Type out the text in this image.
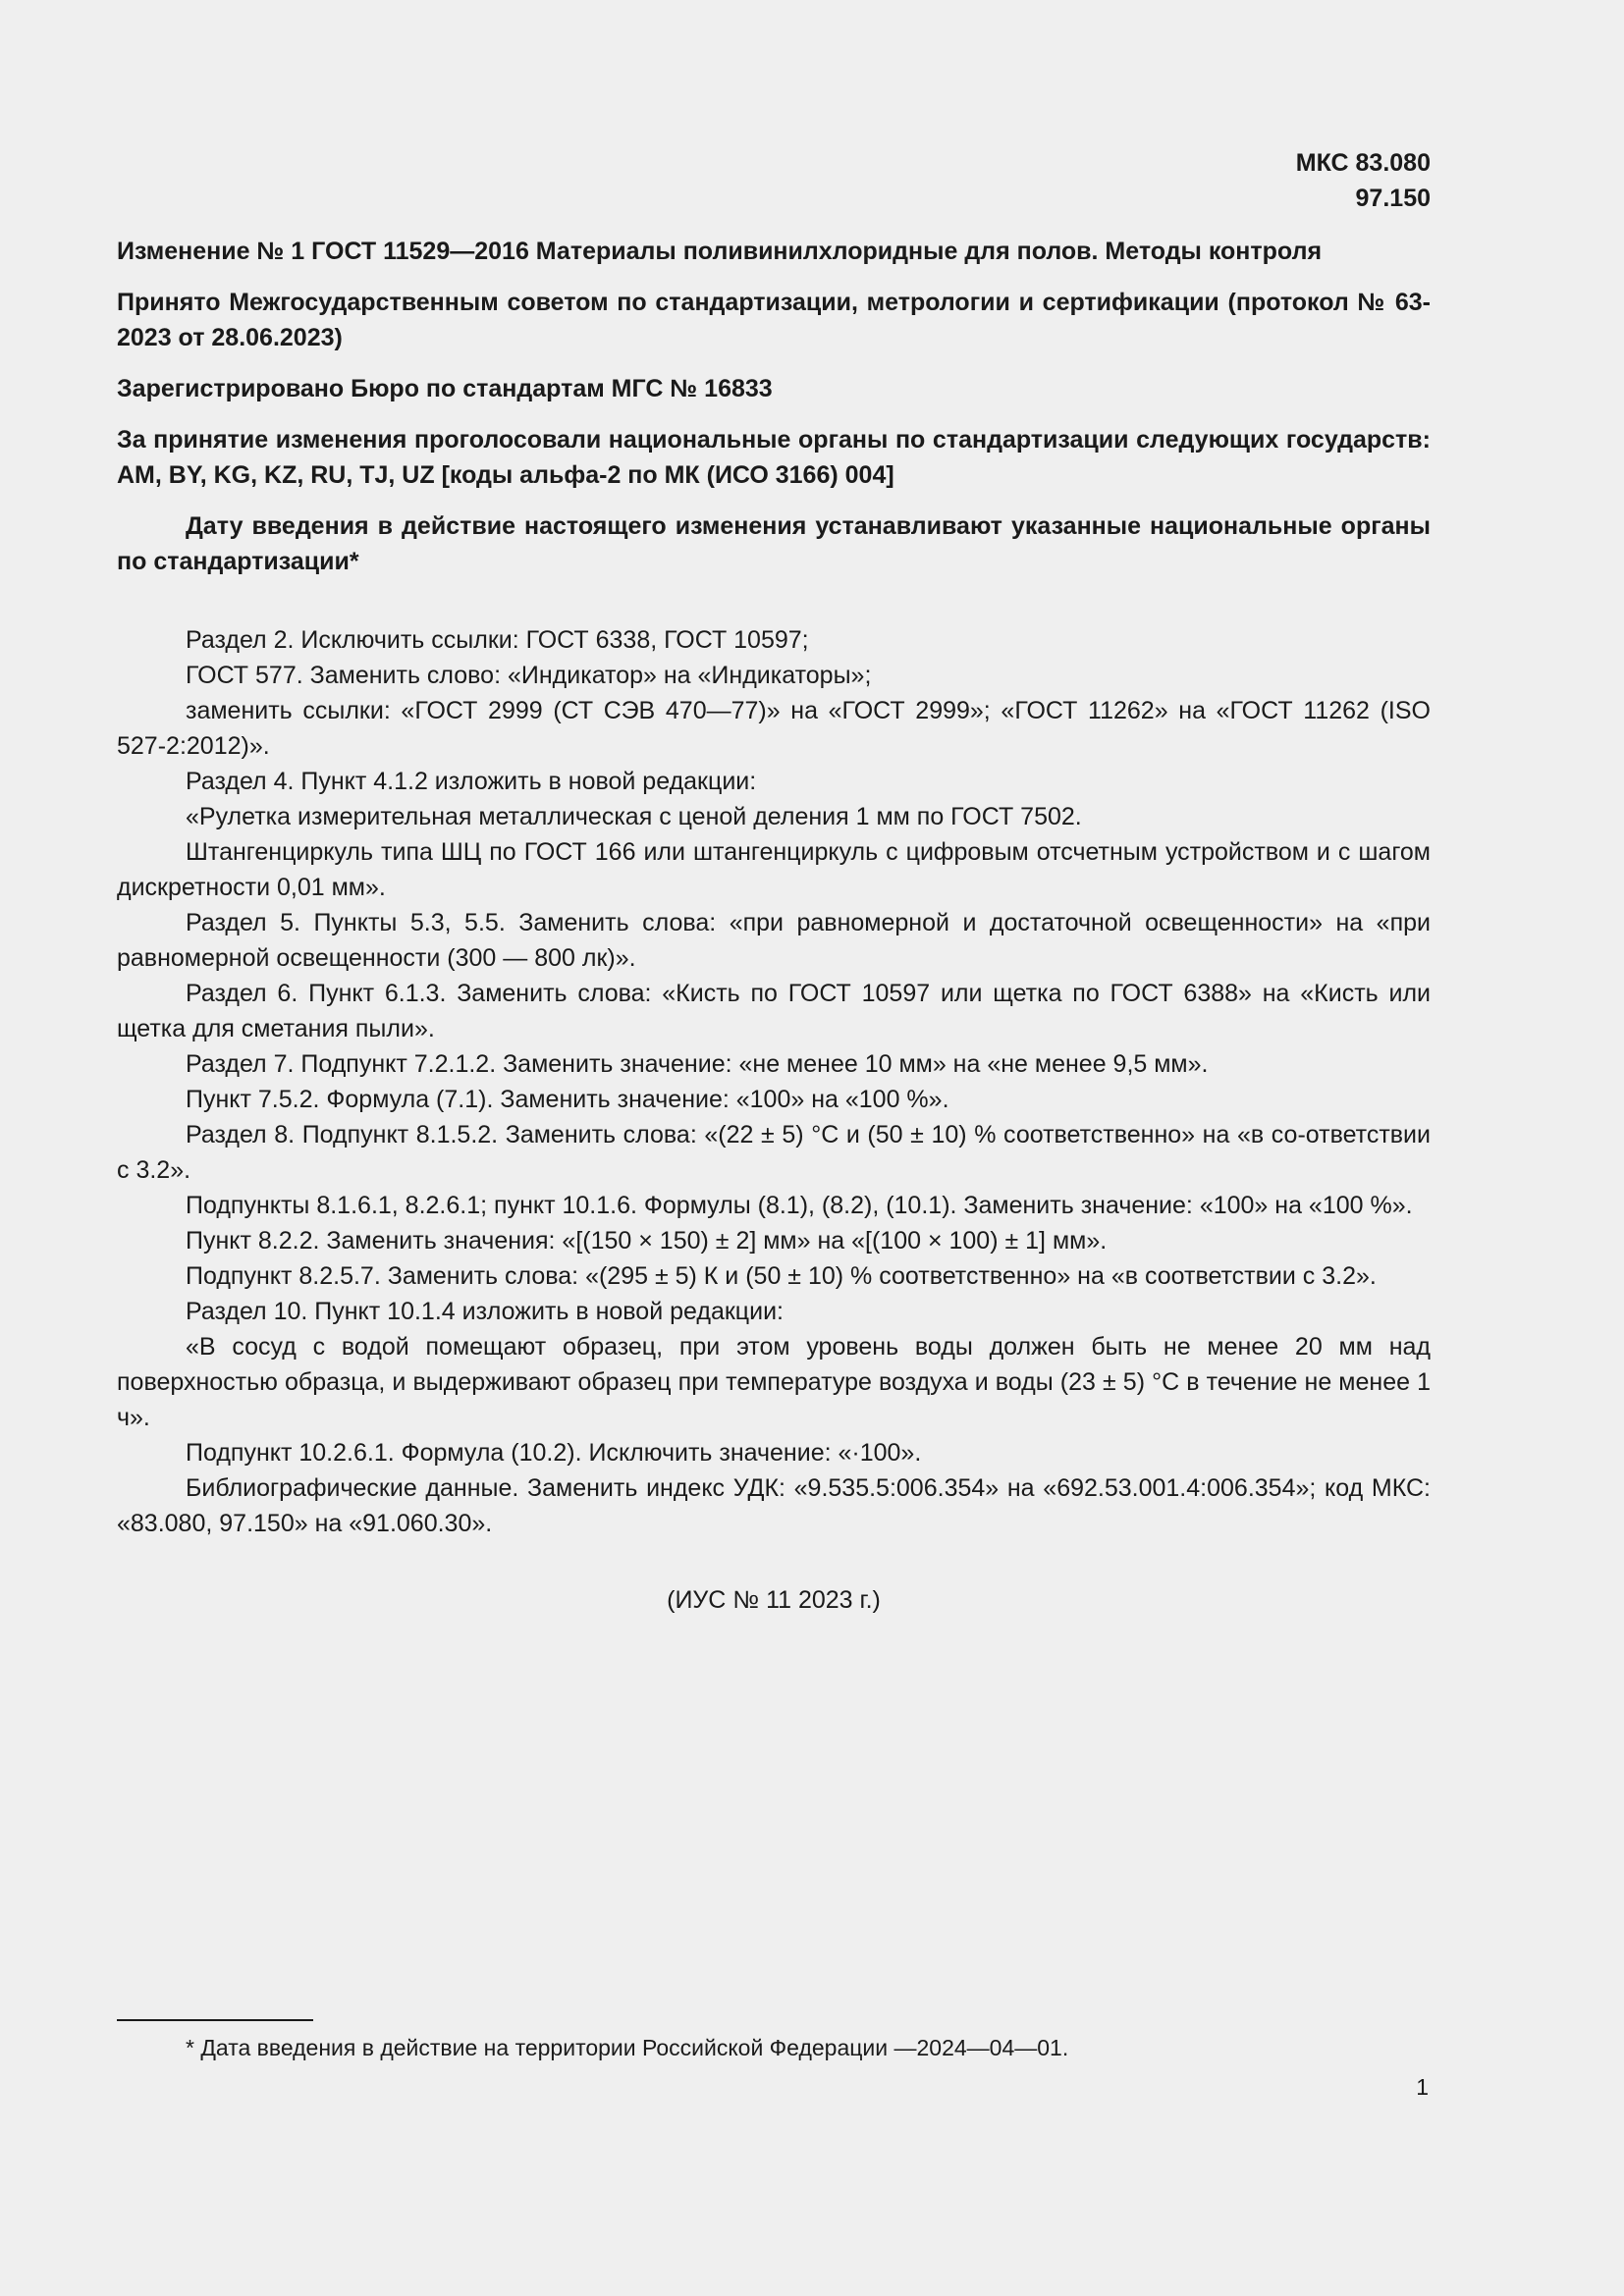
МКС 83.080
97.150

Изменение № 1 ГОСТ 11529—2016 Материалы поливинилхлоридные для полов. Методы контроля

Принято Межгосударственным советом по стандартизации, метрологии и сертификации (протокол № 63-2023 от 28.06.2023)

Зарегистрировано Бюро по стандартам МГС № 16833

За принятие изменения проголосовали национальные органы по стандартизации следующих государств: AM, BY, KG, KZ, RU, TJ, UZ [коды альфа-2 по МК (ИСО 3166) 004]

Дату введения в действие настоящего изменения устанавливают указанные национальные органы по стандартизации*

Раздел 2. Исключить ссылки: ГОСТ 6338, ГОСТ 10597;

ГОСТ 577. Заменить слово: «Индикатор» на «Индикаторы»;

заменить ссылки: «ГОСТ 2999 (СТ СЭВ 470—77)» на «ГОСТ 2999»; «ГОСТ 11262» на «ГОСТ 11262 (ISO 527-2:2012)».

Раздел 4. Пункт 4.1.2 изложить в новой редакции:

«Рулетка измерительная металлическая с ценой деления 1 мм по ГОСТ 7502.

Штангенциркуль типа ШЦ по ГОСТ 166 или штангенциркуль с цифровым отсчетным устройством и с шагом дискретности 0,01 мм».

Раздел 5. Пункты 5.3, 5.5. Заменить слова: «при равномерной и достаточной освещенности» на «при равномерной освещенности (300 — 800 лк)».

Раздел 6. Пункт 6.1.3. Заменить слова: «Кисть по ГОСТ 10597 или щетка по ГОСТ 6388» на «Кисть или щетка для сметания пыли».

Раздел 7. Подпункт 7.2.1.2. Заменить значение: «не менее 10 мм» на «не менее 9,5 мм».

Пункт 7.5.2. Формула (7.1). Заменить значение: «100» на «100 %».

Раздел 8. Подпункт 8.1.5.2. Заменить слова: «(22 ± 5) °С и (50 ± 10) % соответственно» на «в со-ответствии с 3.2».

Подпункты 8.1.6.1, 8.2.6.1; пункт 10.1.6. Формулы (8.1), (8.2), (10.1). Заменить значение: «100» на «100 %».

Пункт 8.2.2. Заменить значения: «[(150 × 150) ± 2] мм» на «[(100 × 100) ± 1] мм».

Подпункт 8.2.5.7. Заменить слова: «(295 ± 5) К и (50 ± 10) % соответственно» на «в соответствии с 3.2».

Раздел 10. Пункт 10.1.4 изложить в новой редакции:

«В сосуд с водой помещают образец, при этом уровень воды должен быть не менее 20 мм над поверхностью образца, и выдерживают образец при температуре воздуха и воды (23 ± 5) °С в течение не менее 1 ч».

Подпункт 10.2.6.1. Формула (10.2). Исключить значение: «·100».

Библиографические данные. Заменить индекс УДК: «9.535.5:006.354» на «692.53.001.4:006.354»; код МКС: «83.080, 97.150» на «91.060.30».

(ИУС № 11 2023 г.)
* Дата введения в действие на территории Российской Федерации —2024—04—01.
1
